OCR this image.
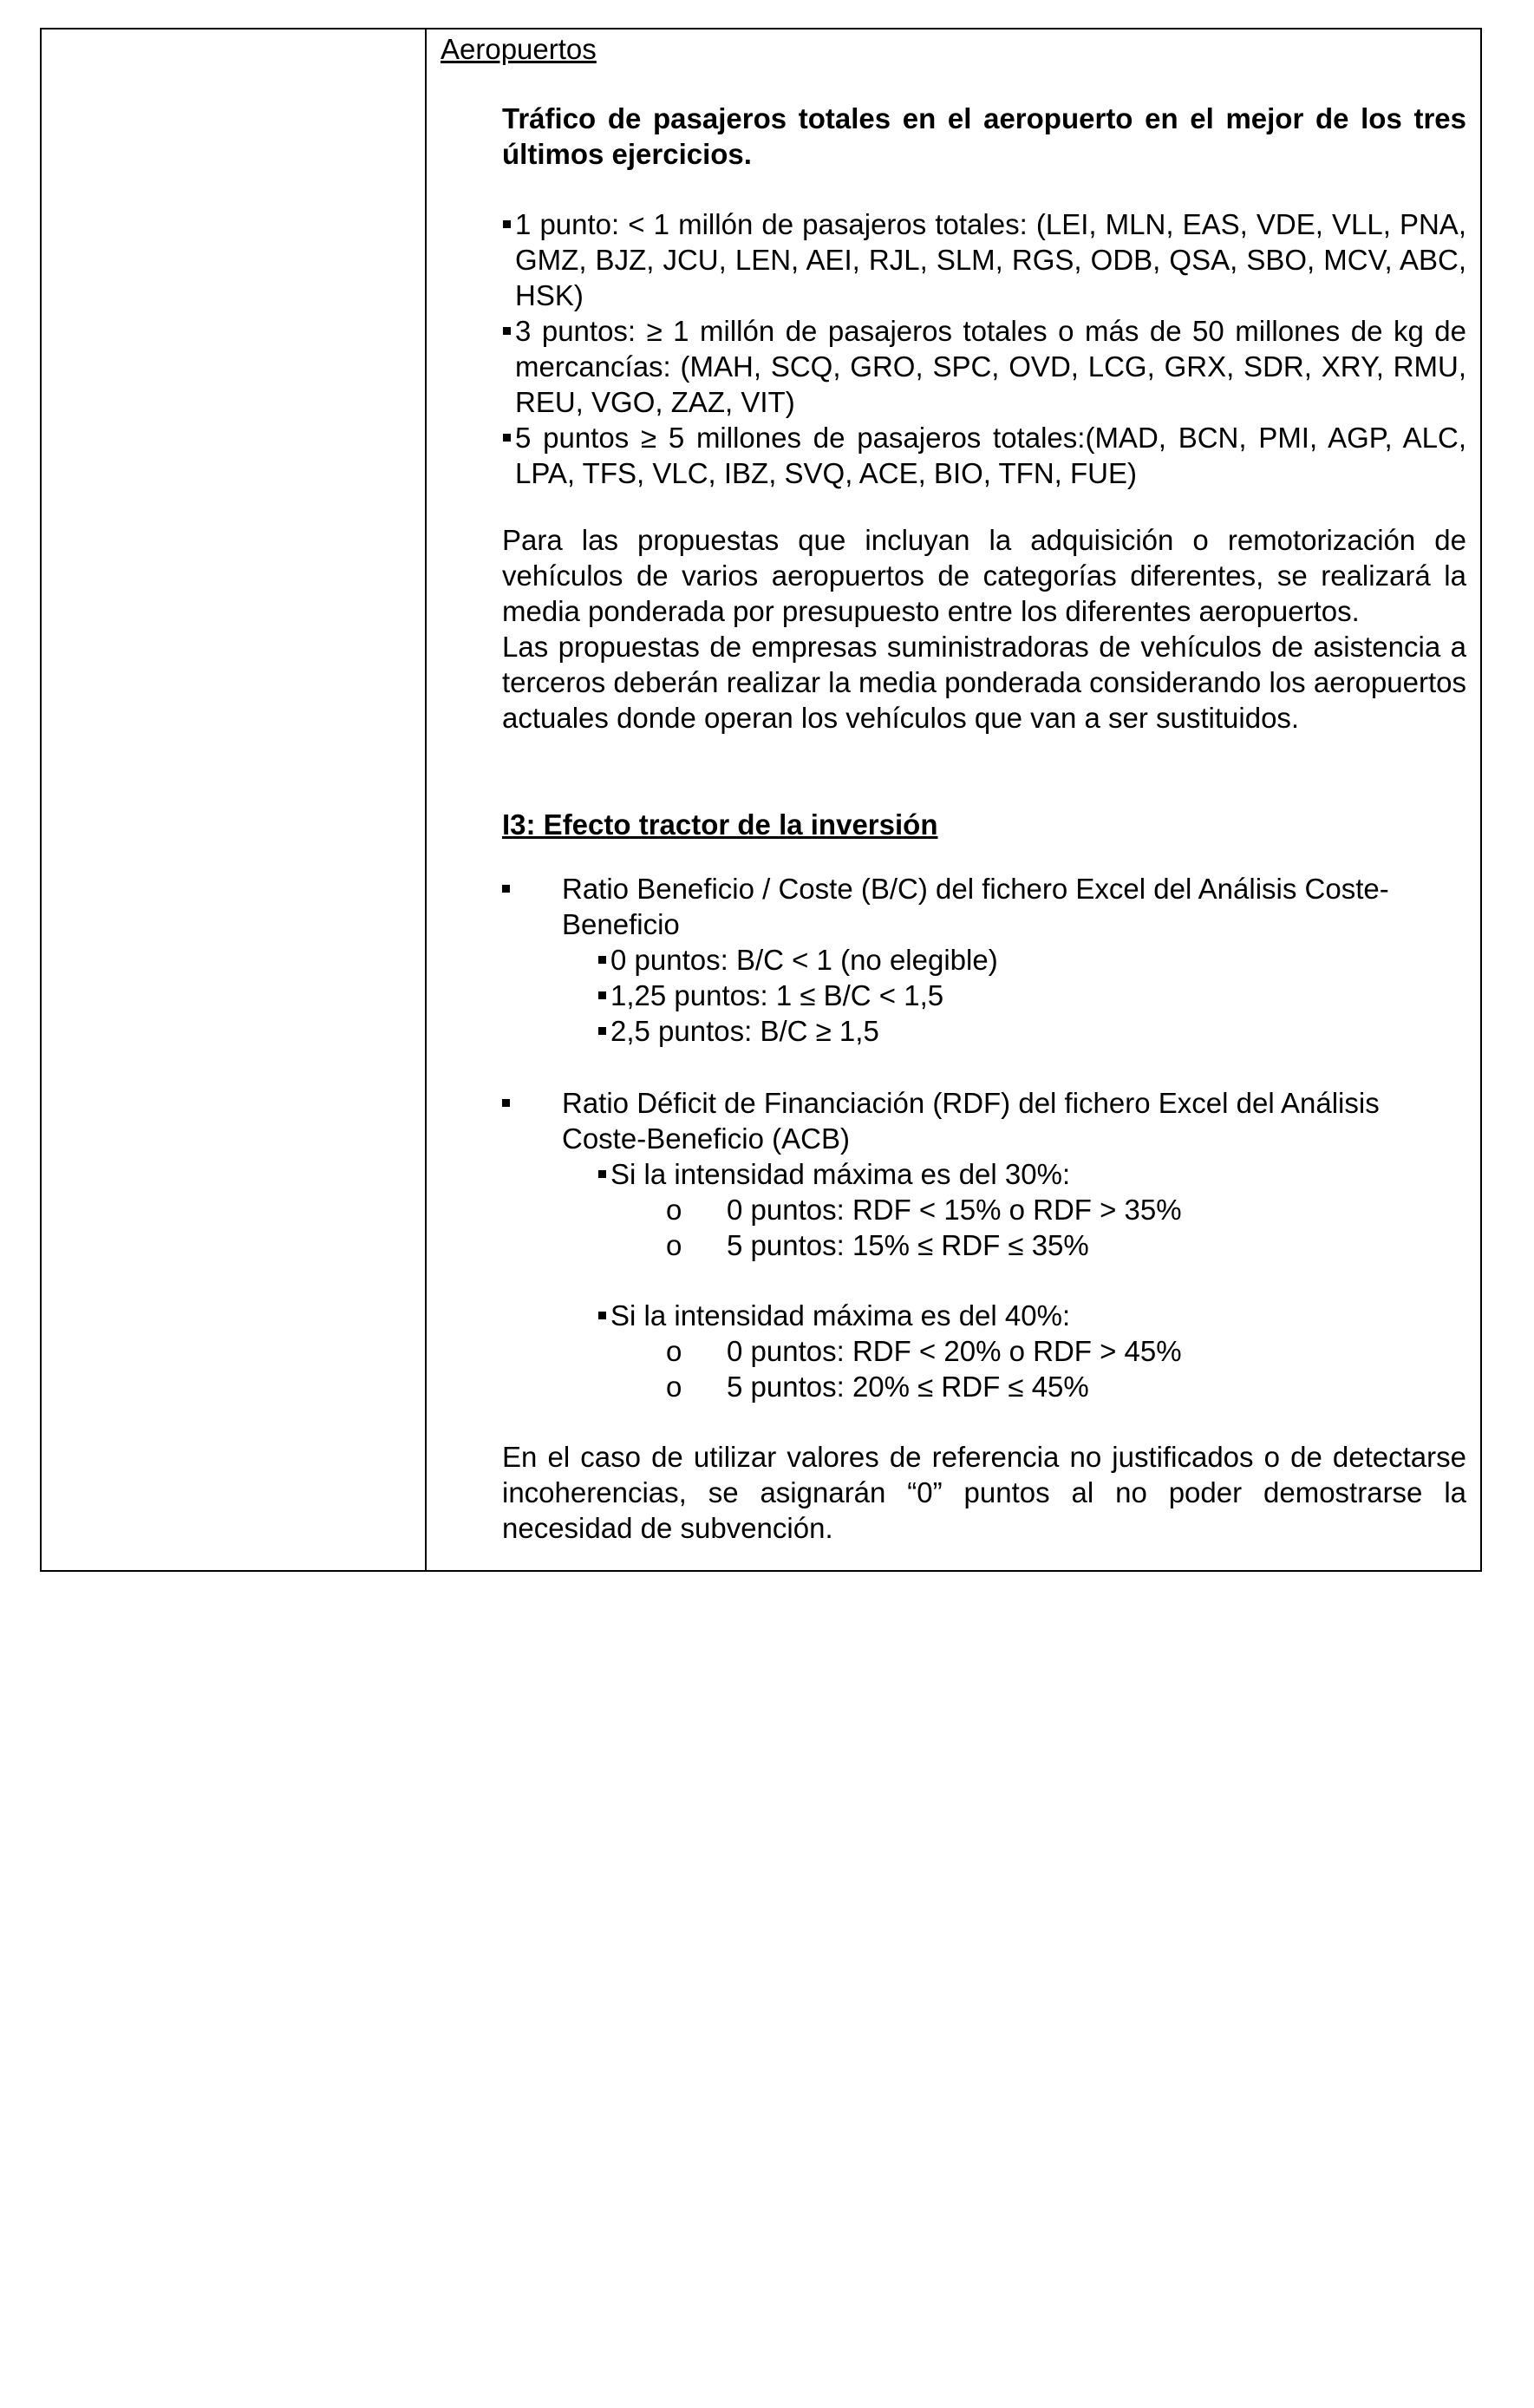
Aeropuertos
Tráfico de pasajeros totales en el aeropuerto en el mejor de los tres últimos ejercicios.
1 punto: < 1 millón de pasajeros totales: (LEI, MLN, EAS, VDE, VLL, PNA, GMZ, BJZ, JCU, LEN, AEI, RJL, SLM, RGS, ODB, QSA, SBO, MCV, ABC, HSK)
3 puntos: ≥ 1 millón de pasajeros totales o más de 50 millones de kg de mercancías: (MAH, SCQ, GRO, SPC, OVD, LCG, GRX, SDR, XRY, RMU, REU, VGO, ZAZ, VIT)
5 puntos ≥ 5 millones de pasajeros totales:(MAD, BCN, PMI, AGP, ALC, LPA, TFS, VLC, IBZ, SVQ, ACE, BIO, TFN, FUE)
Para las propuestas que incluyan la adquisición o remotorización de vehículos de varios aeropuertos de categorías diferentes, se realizará la media ponderada por presupuesto entre los diferentes aeropuertos.
Las propuestas de empresas suministradoras de vehículos de asistencia a terceros deberán realizar la media ponderada considerando los aeropuertos actuales donde operan los vehículos que van a ser sustituidos.
I3: Efecto tractor de la inversión
Ratio Beneficio / Coste (B/C) del fichero Excel del Análisis Coste-Beneficio
0 puntos: B/C < 1 (no elegible)
1,25 puntos: 1 ≤ B/C < 1,5
2,5 puntos: B/C ≥ 1,5
Ratio Déficit de Financiación (RDF) del fichero Excel del Análisis Coste-Beneficio (ACB)
Si la intensidad máxima es del 30%:
o 0 puntos: RDF < 15% o RDF > 35%
o 5 puntos: 15% ≤ RDF ≤ 35%
Si la intensidad máxima es del 40%:
o 0 puntos: RDF < 20% o RDF > 45%
o 5 puntos: 20% ≤ RDF ≤ 45%
En el caso de utilizar valores de referencia no justificados o de detectarse incoherencias, se asignarán “0” puntos al no poder demostrarse la necesidad de subvención.
